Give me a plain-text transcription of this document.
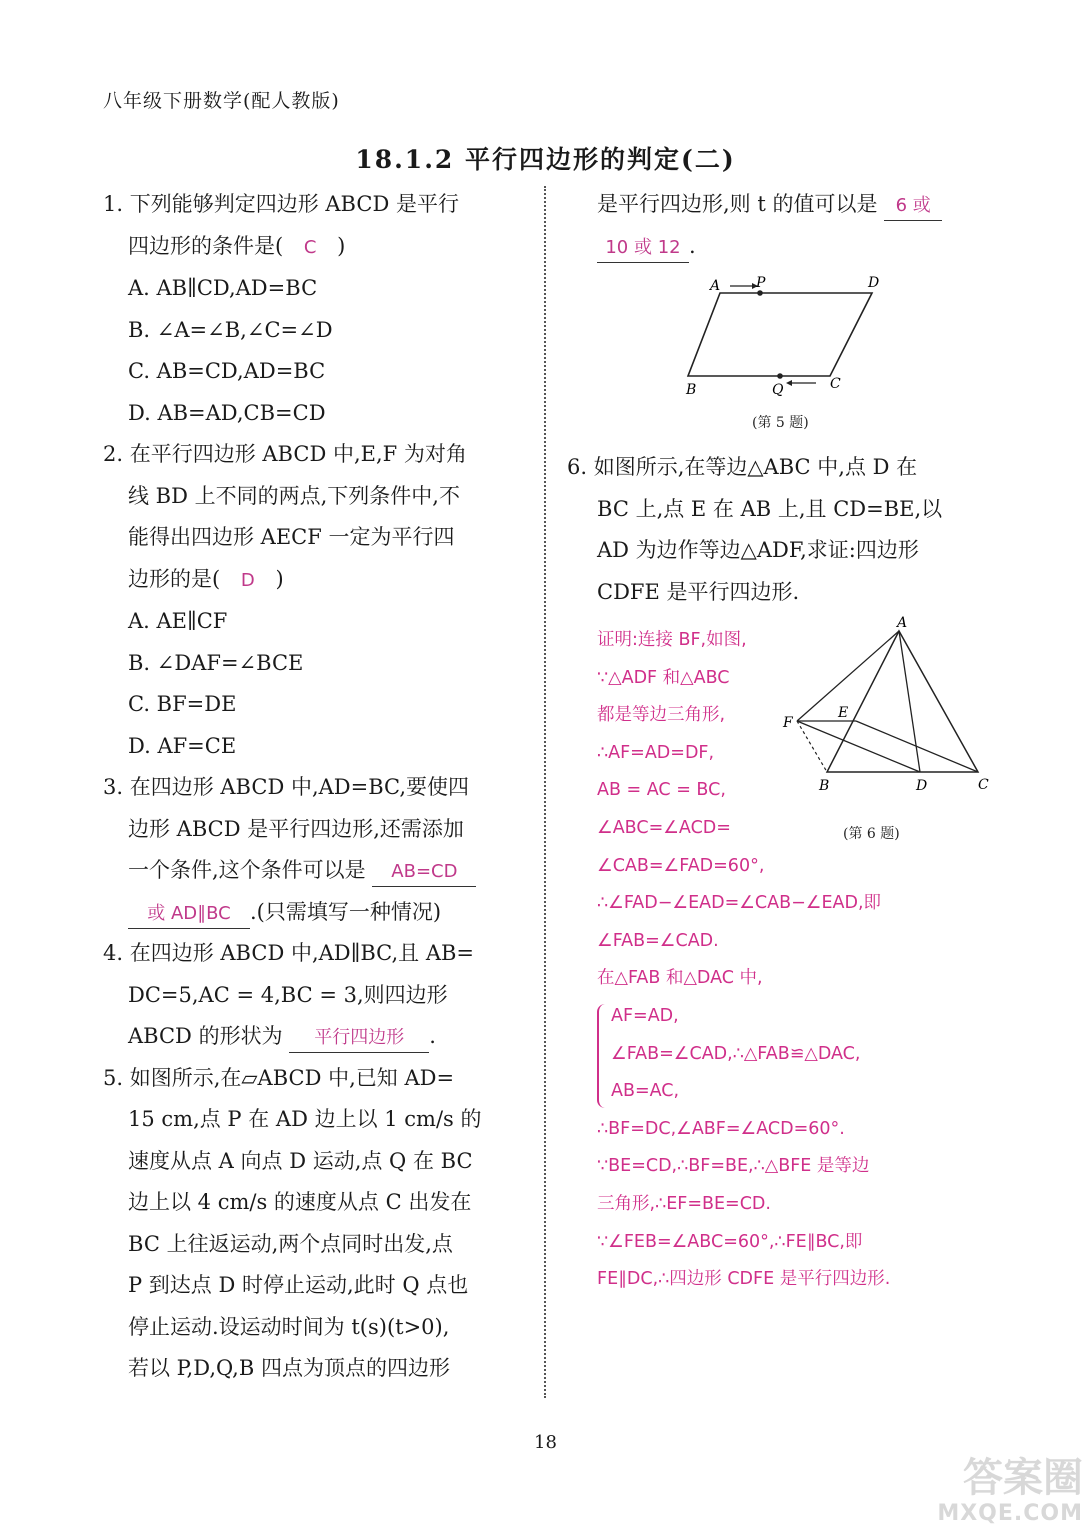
八年级下册数学(配人教版)
18.1.2 平行四边形的判定(二)
1. 下列能够判定四边形 ABCD 是平行
四边形的条件是( C )
A. AB∥CD,AD=BC
B. ∠A=∠B,∠C=∠D
C. AB=CD,AD=BC
D. AB=AD,CB=CD
2. 在平行四边形 ABCD 中,E,F 为对角
线 BD 上不同的两点,下列条件中,不
能得出四边形 AECF 一定为平行四
边形的是( D )
A. AE∥CF
B. ∠DAF=∠BCE
C. BF=DE
D. AF=CE
3. 在四边形 ABCD 中,AD=BC,要使四
边形 ABCD 是平行四边形,还需添加
一个条件,这个条件可以是 AB=CD
或 AD∥BC .(只需填写一种情况)
4. 在四边形 ABCD 中,AD∥BC,且 AB=
DC=5,AC = 4,BC = 3,则四边形
ABCD 的形状为 平行四边形 .
5. 如图所示,在▱ABCD 中,已知 AD=
15 cm,点 P 在 AD 边上以 1 cm/s 的
速度从点 A 向点 D 运动,点 Q 在 BC
边上以 4 cm/s 的速度从点 C 出发在
BC 上往返运动,两个点同时出发,点
P 到达点 D 时停止运动,此时 Q 点也
停止运动.设运动时间为 t(s)(t>0),
若以 P,D,Q,B 四点为顶点的四边形
是平行四边形,则 t 的值可以是 6 或
10 或 12 .
A	P	D
B	Q	C
(第 5 题)
6. 如图所示,在等边△ABC 中,点 D 在
BC 上,点 E 在 AB 上,且 CD=BE,以
AD 为边作等边△ADF,求证:四边形
CDFE 是平行四边形.
A
B	C
D
E
F
(第 6 题)
证明:连接 BF,如图,
∵△ADF 和△ABC
都是等边三角形,
∴AF=AD=DF,
AB = AC = BC,
∠ABC=∠ACD=
∠CAB=∠FAD=60°,
∴∠FAD−∠EAD=∠CAB−∠EAD,即
∠FAB=∠CAD.
在△FAB 和△DAC 中,
AF=AD,
∠FAB=∠CAD,∴△FAB≌△DAC,
AB=AC,
∴BF=DC,∠ABF=∠ACD=60°.
∵BE=CD,∴BF=BE,∴△BFE 是等边
三角形,∴EF=BE=CD.
∵∠FEB=∠ABC=60°,∴FE∥BC,即
FE∥DC,∴四边形 CDFE 是平行四边形.
18
答案圈
MXQE.COM
